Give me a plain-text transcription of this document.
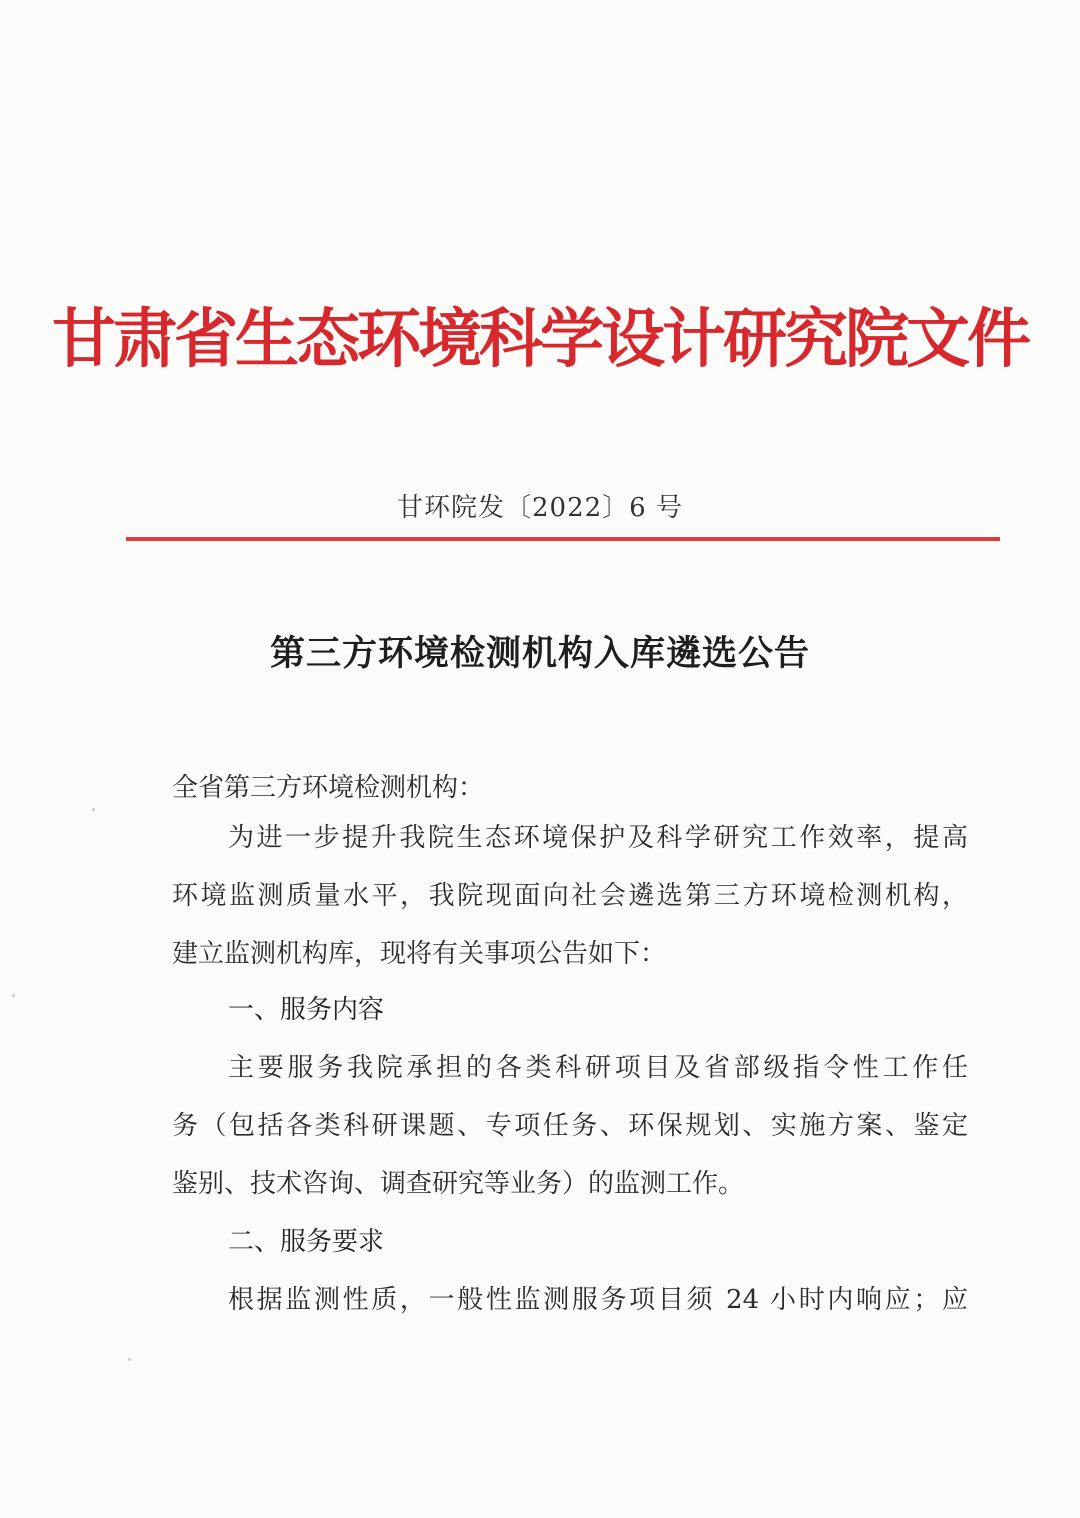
甘肃省生态环境科学设计研究院文件
甘环院发〔2022〕6 号
第三方环境检测机构入库遴选公告
全省第三方环境检测机构：
为进一步提升我院生态环境保护及科学研究工作效率，提高
环境监测质量水平，我院现面向社会遴选第三方环境检测机构，
建立监测机构库，现将有关事项公告如下：
一、服务内容
主要服务我院承担的各类科研项目及省部级指令性工作任
务（包括各类科研课题、专项任务、环保规划、实施方案、鉴定
鉴别、技术咨询、调查研究等业务）的监测工作。
二、服务要求
根据监测性质，一般性监测服务项目须 24 小时内响应；应
